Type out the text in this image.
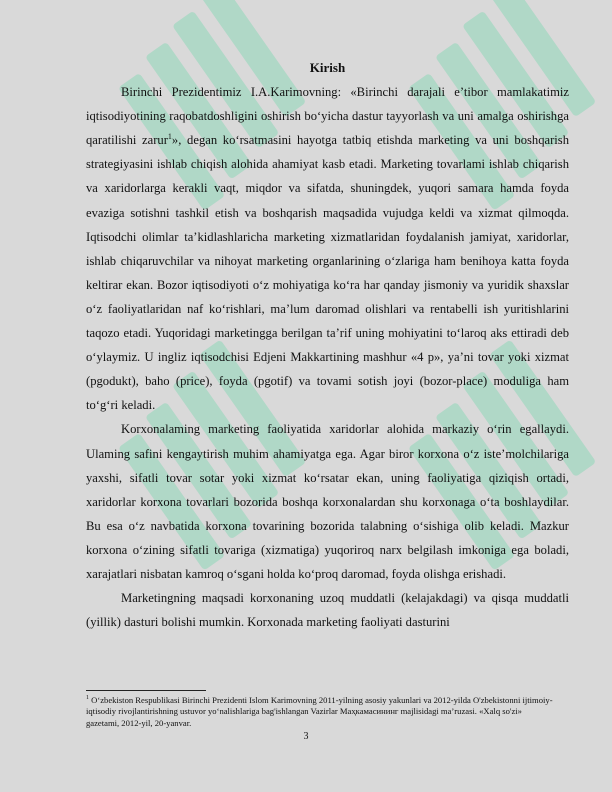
Kirish

Birinchi Prezidentimiz I.A.Karimovning: «Birinchi darajali e’tibor mamlakatimiz iqtisodiyotining raqobatdoshligini oshirish bo‘yicha dastur tayyorlash va uni amalga oshirishga qaratilishi zarur$^1$», degan ko‘rsatmasini hayotga tatbiq etishda marketing va uni boshqarish strategiyasini ishlab chiqish alohida ahamiyat kasb etadi. Marketing tovarlami ishlab chiqarish va xaridorlarga kerakli vaqt, miqdor va sifatda, shuningdek, yuqori samara hamda foyda evaziga sotishni tashkil etish va boshqarish maqsadida vujudga keldi va xizmat qilmoqda. Iqtisodchi olimlar ta’kidlashlaricha marketing xizmatlaridan foydalanish jamiyat, xaridorlar, ishlab chiqaruvchilar va nihoyat marketing organlarining o‘zlariga ham benihoya katta foyda keltirar ekan. Bozor iqtisodiyoti o‘z mohiyatiga ko‘ra har qanday jismoniy va yuridik shaxslar o‘z faoliyatlaridan naf ko‘rishlari, ma’lum daromad olishlari va rentabelli ish yuritishlarini taqozo etadi. Yuqoridagi marketingga berilgan ta’rif uning mohiyatini to‘laroq aks ettiradi deb o‘ylaymiz. U ingliz iqtisodchisi Edjeni Makkartining mashhur «4 p», ya’ni tovar yoki xizmat (pgodukt), baho (price), foyda (pgotif) va tovami sotish joyi (bozor-place) moduliga ham to‘g‘ri keladi.

Korxonalaming marketing faoliyatida xaridorlar alohida markaziy o‘rin egallaydi. Ulaming safini kengaytirish muhim ahamiyatga ega. Agar biror korxona o‘z iste’molchilariga yaxshi, sifatli tovar sotar yoki xizmat ko‘rsatar ekan, uning faoliyatiga qiziqish ortadi, xaridorlar korxona tovarlari bozorida boshqa korxonalardan shu korxonaga o‘ta boshlaydilar. Bu esa o‘z navbatida korxona tovarining bozorida talabning o‘sishiga olib keladi. Mazkur korxona o‘zining sifatli tovariga (xizmatiga) yuqoriroq narx belgilash imkoniga ega boladi, xarajatlari nisbatan kamroq o‘sgani holda ko‘proq daromad, foyda olishga erishadi.

Marketingning maqsadi korxonaning uzoq muddatli (kelajakdagi) va qisqa muddatli (yillik) dasturi bolishi mumkin. Korxonada marketing faoliyati dasturini

$^1$ O‘zbekiston Respublikasi Birinchi Prezidenti Islom Karimovning 2011-yilning asosiy yakunlari va 2012-yilda O'zbekistonni ijtimoiy-iqtisodiy rivojlantirishning ustuvor yo‘nalishlariga bag'ishlangan Vazirlar Маҳкамасининг majlisidagi ma’ruzasi. «Xalq so'zi» gazetami, 2012-yil, 20-yanvar.
3
